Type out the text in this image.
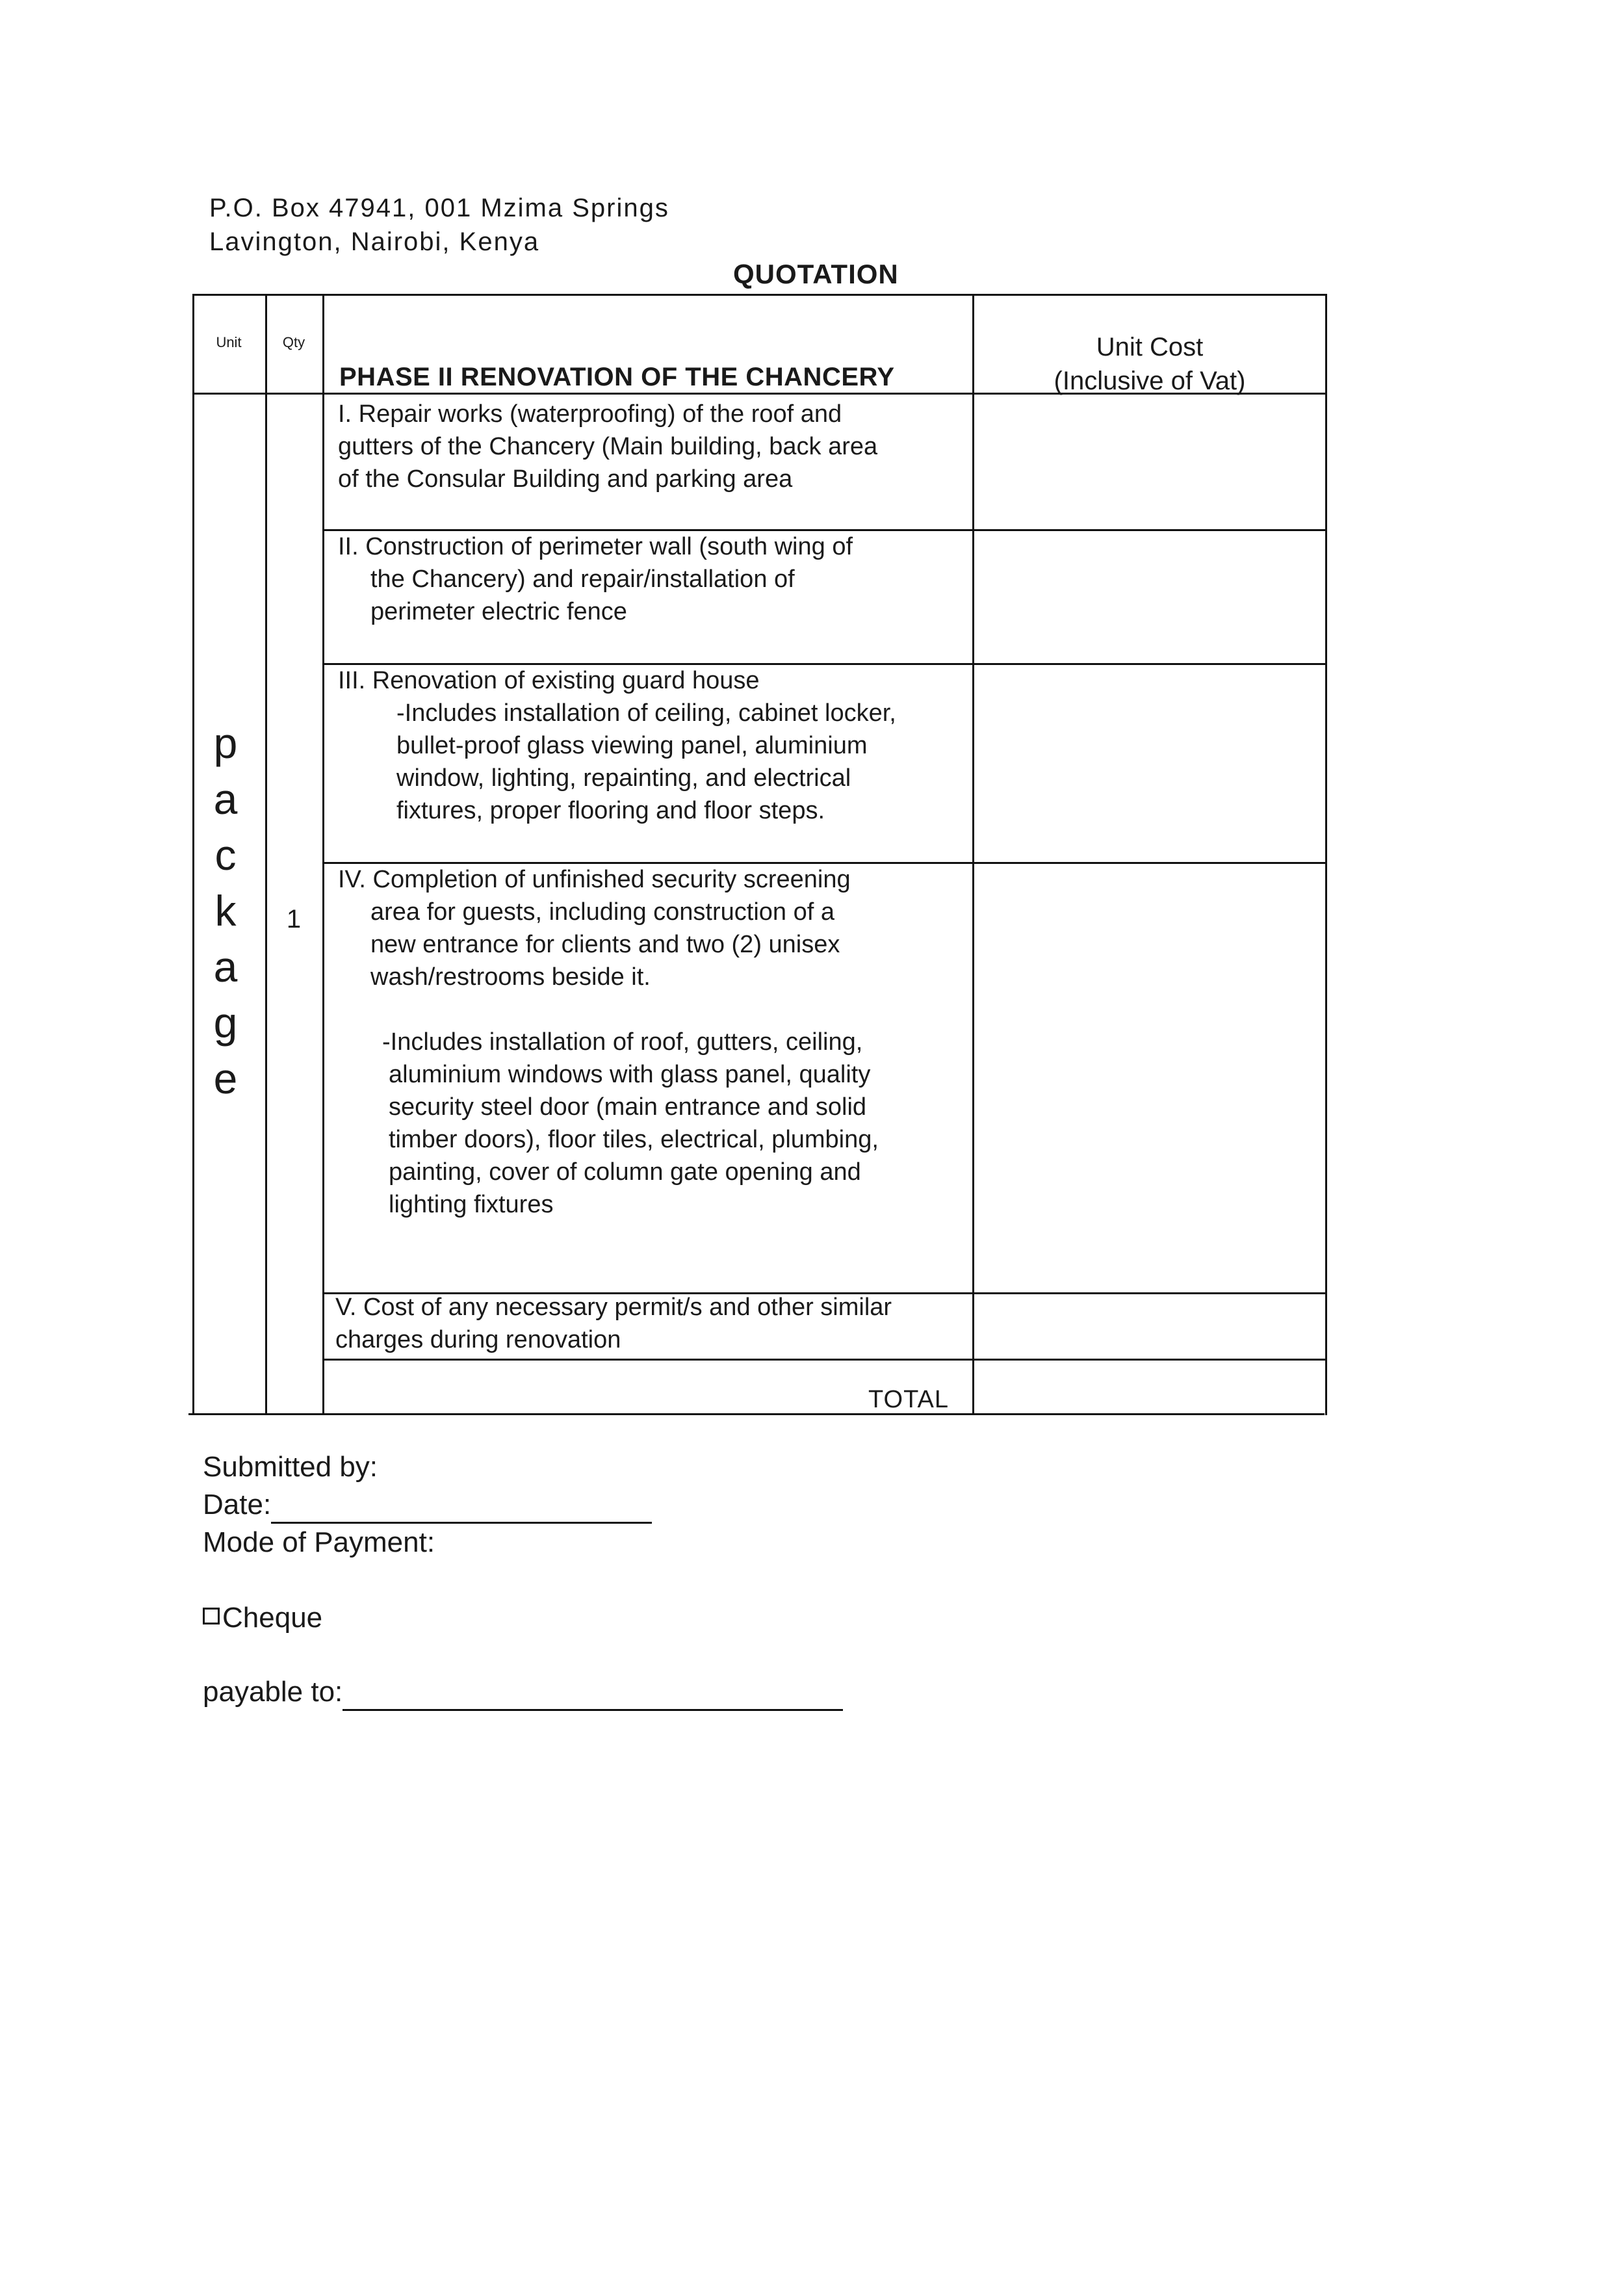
P.O. Box 47941, 001 Mzima Springs
Lavington, Nairobi, Kenya
QUOTATION
Unit	Qty
PHASE II RENOVATION OF THE CHANCERY
Unit Cost
(Inclusive of Vat)
p
a
c
k
a
g
e
1
I. Repair works (waterproofing) of the roof and
gutters of the Chancery (Main building, back area
of the Consular Building and parking area
II. Construction of perimeter wall (south wing of
the Chancery) and repair/installation of
perimeter electric fence
III. Renovation of existing guard house
-Includes installation of ceiling, cabinet locker,
bullet-proof glass viewing panel, aluminium
window, lighting, repainting, and electrical
fixtures, proper flooring and floor steps.
IV. Completion of unfinished security screening
area for guests, including construction of a
new entrance for clients and two (2) unisex
wash/restrooms beside it.
-Includes installation of roof, gutters, ceiling,
aluminium windows with glass panel, quality
security steel door (main entrance and solid
timber doors), floor tiles, electrical, plumbing,
painting, cover of column gate opening and
lighting fixtures
V. Cost of any necessary permit/s and other similar
charges during renovation
TOTAL
Submitted by:
Date:
Mode of Payment:
Cheque
payable to:
